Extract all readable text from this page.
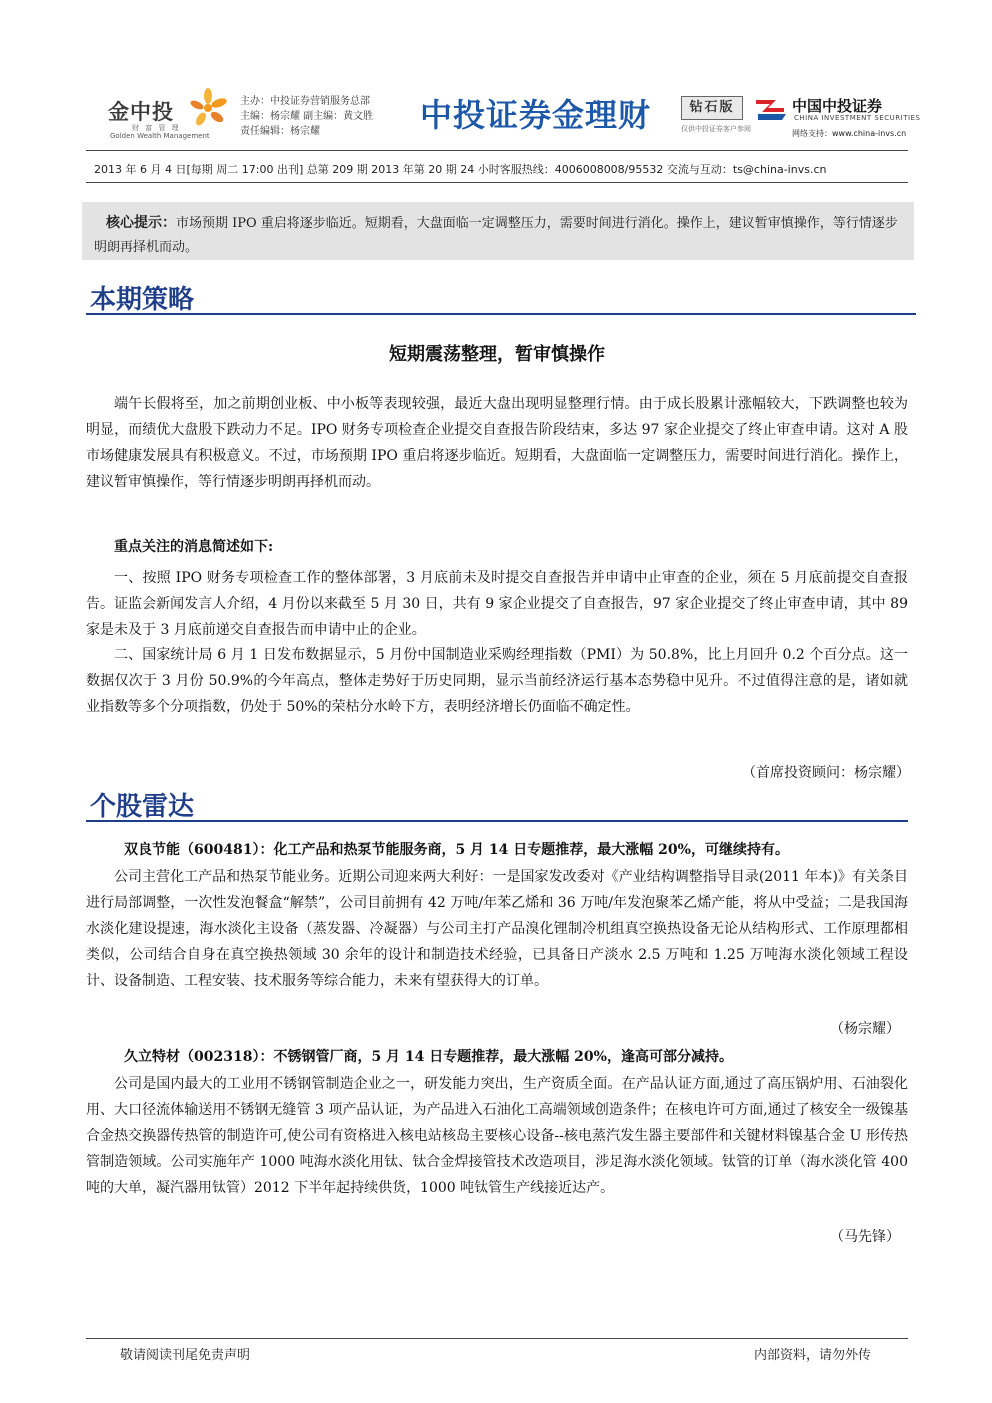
金中投
财 富 管 理
Golden Wealth Management
主办：中投证券营销服务总部
主编：杨宗耀 副主编：黄文胜
责任编辑：杨宗耀	中投证券金理财	钻石版
仅供中投证券客户参阅
中国中投证券
CHINA INVESTMENT SECURITIES
网络支持：www.china-invs.cn
2013 年 6 月 4 日[每期 周二 17:00 出刊] 总第 209 期 2013 年第 20 期 24 小时客服热线：4006008008/95532 交流与互动：ts@china-invs.cn
核心提示：市场预期 IPO 重启将逐步临近。短期看，大盘面临一定调整压力，需要时间进行消化。操作上，建议暂审慎操作，等行情逐步明朗再择机而动。
本期策略
短期震荡整理，暂审慎操作
端午长假将至，加之前期创业板、中小板等表现较强，最近大盘出现明显整理行情。由于成长股累计涨幅较大，下跌调整也较为明显，而绩优大盘股下跌动力不足。IPO 财务专项检查企业提交自查报告阶段结束，多达 97 家企业提交了终止审查申请。这对 A 股市场健康发展具有积极意义。不过，市场预期 IPO 重启将逐步临近。短期看，大盘面临一定调整压力，需要时间进行消化。操作上，建议暂审慎操作，等行情逐步明朗再择机而动。
重点关注的消息简述如下:
一、按照 IPO 财务专项检查工作的整体部署，3 月底前未及时提交自查报告并申请中止审查的企业，须在 5 月底前提交自查报告。证监会新闻发言人介绍，4 月份以来截至 5 月 30 日，共有 9 家企业提交了自查报告，97 家企业提交了终止审查申请，其中 89 家是未及于 3 月底前递交自查报告而申请中止的企业。
二、国家统计局 6 月 1 日发布数据显示，5 月份中国制造业采购经理指数（PMI）为 50.8%，比上月回升 0.2 个百分点。这一数据仅次于 3 月份 50.9%的今年高点，整体走势好于历史同期，显示当前经济运行基本态势稳中见升。不过值得注意的是，诸如就业指数等多个分项指数，仍处于 50%的荣枯分水岭下方，表明经济增长仍面临不确定性。
（首席投资顾问：杨宗耀）
个股雷达
双良节能（600481）：化工产品和热泵节能服务商，5 月 14 日专题推荐，最大涨幅 20%，可继续持有。
公司主营化工产品和热泵节能业务。近期公司迎来两大利好：一是国家发改委对《产业结构调整指导目录(2011 年本)》有关条目进行局部调整，一次性发泡餐盒“解禁”，公司目前拥有 42 万吨/年苯乙烯和 36 万吨/年发泡聚苯乙烯产能，将从中受益；二是我国海水淡化建设提速，海水淡化主设备（蒸发器、冷凝器）与公司主打产品溴化锂制冷机组真空换热设备无论从结构形式、工作原理都相类似，公司结合自身在真空换热领域 30 余年的设计和制造技术经验，已具备日产淡水 2.5 万吨和 1.25 万吨海水淡化领域工程设计、设备制造、工程安装、技术服务等综合能力，未来有望获得大的订单。
（杨宗耀）
久立特材（002318）：不锈钢管厂商，5 月 14 日专题推荐，最大涨幅 20%，逢高可部分减持。
公司是国内最大的工业用不锈钢管制造企业之一，研发能力突出，生产资质全面。在产品认证方面,通过了高压锅炉用、石油裂化用、大口径流体输送用不锈钢无缝管 3 项产品认证，为产品进入石油化工高端领域创造条件；在核电许可方面,通过了核安全一级镍基合金热交换器传热管的制造许可,使公司有资格进入核电站核岛主要核心设备--核电蒸汽发生器主要部件和关键材料镍基合金 U 形传热管制造领域。公司实施年产 1000 吨海水淡化用钛、钛合金焊接管技术改造项目，涉足海水淡化领域。钛管的订单（海水淡化管 400 吨的大单，凝汽器用钛管）2012 下半年起持续供货，1000 吨钛管生产线接近达产。
（马先锋）
敬请阅读刊尾免责声明	内部资料，请勿外传
